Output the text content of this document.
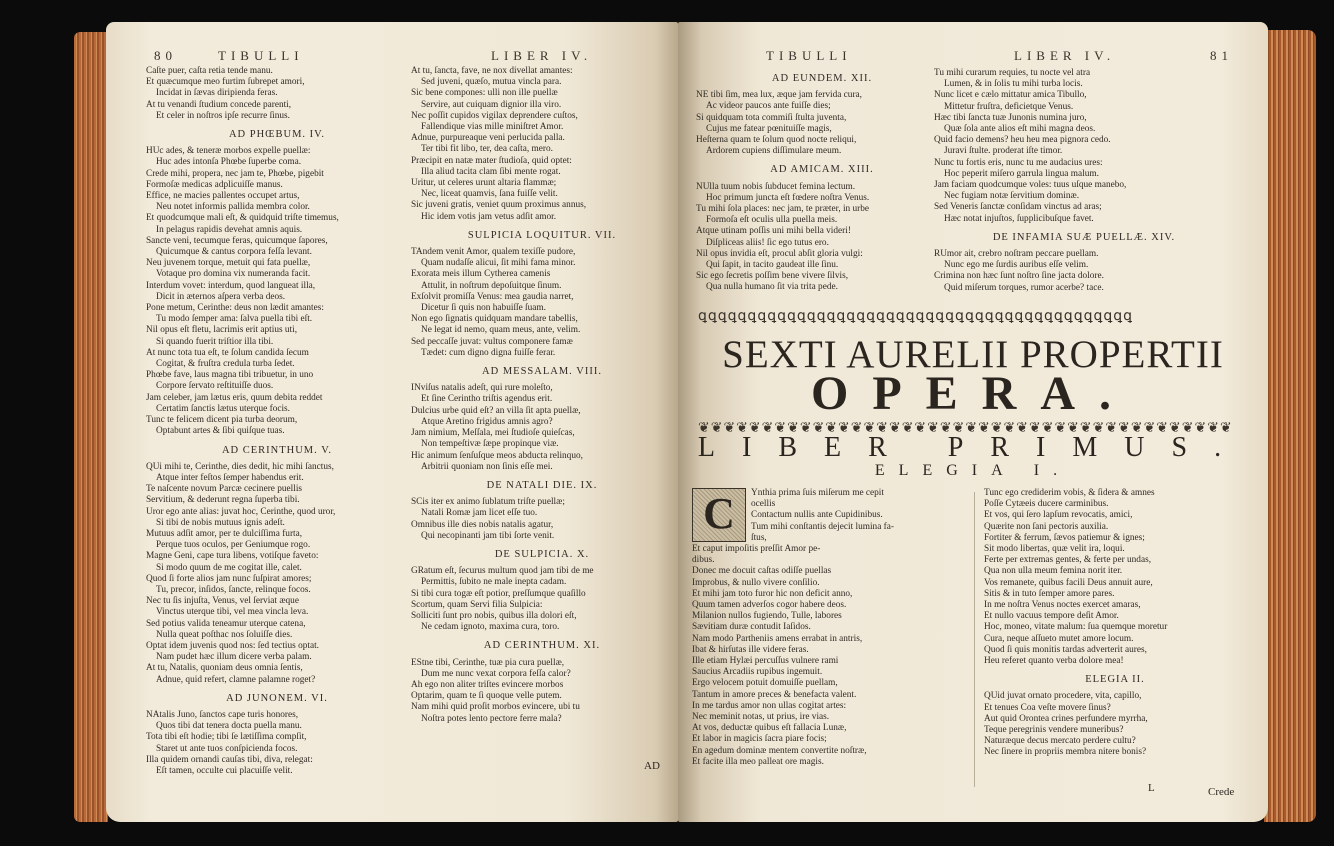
80	TIBULLI	LIBER IV.

Caſte puer, caſta retia tende manu.

Et quæcumque meo furtim ſubrepet amori,

Incidat in ſævas diripienda feras.

At tu venandi ſtudium concede parenti,

Et celer in noſtros ipſe recurre ſinus.

AD PHŒBUM. IV.

HUc ades, & teneræ morbos expelle puellæ:

Huc ades intonſa Phœbe ſuperbe coma.

Crede mihi, propera, nec jam te, Phœbe, pigebit

Formoſæ medicas adplicuiſſe manus.

Effice, ne macies pallentes occupet artus,

Neu notet informis pallida membra color.

Et quodcumque mali eſt, & quidquid triſte timemus,

In pelagus rapidis devehat amnis aquis.

Sancte veni, tecumque feras, quicumque ſapores,

Quicumque & cantus corpora feſſa levant.

Neu juvenem torque, metuit qui fata puellæ,

Votaque pro domina vix numeranda facit.

Interdum vovet: interdum, quod langueat illa,

Dicit in æternos aſpera verba deos.

Pone metum, Cerinthe: deus non lædit amantes:

Tu modo ſemper ama: ſalva puella tibi eſt.

Nil opus eſt fletu, lacrimis erit aptius uti,

Si quando fuerit triſtior illa tibi.

At nunc tota tua eſt, te ſolum candida ſecum

Cogitat, & fruſtra credula turba ſedet.

Phœbe fave, laus magna tibi tribuetur, in uno

Corpore ſervato reſtituiſſe duos.

Jam celeber, jam lætus eris, quum debita reddet

Certatim ſanctis lætus uterque focis.

Tunc te felicem dicent pia turba deorum,

Optabunt artes & ſibi quiſque tuas.

AD CERINTHUM. V.

QUi mihi te, Cerinthe, dies dedit, hic mihi ſanctus,

Atque inter feſtos ſemper habendus erit.

Te naſcente novum Parcæ cecinere puellis

Servitium, & dederunt regna ſuperba tibi.

Uror ego ante alias: juvat hoc, Cerinthe, quod uror,

Si tibi de nobis mutuus ignis adeſt.

Mutuus adſit amor, per te dulciſſima furta,

Perque tuos oculos, per Geniumque rogo.

Magne Geni, cape tura libens, votiſque faveto:

Si modo quum de me cogitat ille, calet.

Quod ſi forte alios jam nunc ſuſpirat amores;

Tu, precor, inſidos, ſancte, relinque focos.

Nec tu ſis injuſta, Venus, vel ſerviat æque

Vinctus uterque tibi, vel mea vincla leva.

Sed potius valida teneamur uterque catena,

Nulla queat poſthac nos ſoluiſſe dies.

Optat idem juvenis quod nos: ſed tectius optat.

Nam pudet hæc illum dicere verba palam.

At tu, Natalis, quoniam deus omnia ſentis,

Adnue, quid refert, clamne palamne roget?

AD JUNONEM. VI.

NAtalis Juno, ſanctos cape turis honores,

Quos tibi dat tenera docta puella manu.

Tota tibi eſt hodie; tibi ſe lætiſſima compſit,

Staret ut ante tuos conſpicienda focos.

Illa quidem ornandi cauſas tibi, diva, relegat:

Eſt tamen, occulte cui placuiſſe velit.

At tu, ſancta, fave, ne nox divellat amantes:

Sed juveni, quæſo, mutua vincla para.

Sic bene compones: ulli non ille puellæ

Servire, aut cuiquam dignior illa viro.

Nec poſſit cupidos vigilax deprendere cuſtos,

Fallendique vias mille miniſtret Amor.

Adnue, purpureaque veni perlucida palla.

Ter tibi fit libo, ter, dea caſta, mero.

Præcipit en natæ mater ſtudioſa, quid optet:

Illa aliud tacita clam ſibi mente rogat.

Uritur, ut celeres urunt altaria flammæ;

Nec, liceat quamvis, ſana fuiſſe velit.

Sic juveni gratis, veniet quum proximus annus,

Hic idem votis jam vetus adſit amor.

SULPICIA LOQUITUR. VII.

TAndem venit Amor, qualem texiſſe pudore,

Quam nudaſſe alicui, ſit mihi fama minor.

Exorata meis illum Cytherea camenis

Attulit, in noſtrum depoſuitque ſinum.

Exſolvit promiſſa Venus: mea gaudia narret,

Dicetur ſi quis non habuiſſe ſuam.

Non ego ſignatis quidquam mandare tabellis,

Ne legat id nemo, quam meus, ante, velim.

Sed peccaſſe juvat: vultus componere famæ

Tædet: cum digno digna fuiſſe ferar.

AD MESSALAM. VIII.

INviſus natalis adeſt, qui rure moleſto,

Et ſine Cerintho triſtis agendus erit.

Dulcius urbe quid eſt? an villa ſit apta puellæ,

Atque Aretino frigidus amnis agro?

Jam nimium, Meſſala, mei ſtudioſe quieſcas,

Non tempeſtivæ ſæpe propinque viæ.

Hic animum ſenſuſque meos abducta relinquo,

Arbitrii quoniam non ſinis eſſe mei.

DE NATALI DIE. IX.

SCis iter ex animo ſublatum triſte puellæ;

Natali Romæ jam licet eſſe tuo.

Omnibus ille dies nobis natalis agatur,

Qui necopinanti jam tibi ſorte venit.

DE SULPICIA. X.

GRatum eſt, ſecurus multum quod jam tibi de me

Permittis, ſubito ne male inepta cadam.

Si tibi cura togæ eſt potior, preſſumque quaſillo

Scortum, quam Servi filia Sulpicia:

Solliciti ſunt pro nobis, quibus illa dolori eſt,

Ne cedam ignoto, maxima cura, toro.

AD CERINTHUM. XI.

EStne tibi, Cerinthe, tuæ pia cura puellæ,

Dum me nunc vexat corpora feſſa calor?

Ah ego non aliter triſtes evincere morbos

Optarim, quam te ſi quoque velle putem.

Nam mihi quid proſit morbos evincere, ubi tu

Noſtra potes lento pectore ferre mala?

AD
TIBULLI	LIBER IV.	81
AD EUNDEM. XII.

NE tibi ſim, mea lux, æque jam fervida cura,

Ac videor paucos ante fuiſſe dies;

Si quidquam tota commiſi ſtulta juventa,

Cujus me fatear pœnituiſſe magis,

Heſterna quam te ſolum quod nocte reliqui,

Ardorem cupiens diſſimulare meum.

AD AMICAM. XIII.

NUlla tuum nobis ſubducet femina lectum.

Hoc primum juncta eſt fœdere noſtra Venus.

Tu mihi ſola places: nec jam, te præter, in urbe

Formoſa eſt oculis ulla puella meis.

Atque utinam poſſis uni mihi bella videri!

Diſpliceas aliis! ſic ego tutus ero.

Nil opus invidia eſt, procul abſit gloria vulgi:

Qui ſapit, in tacito gaudeat ille ſinu.

Sic ego ſecretis poſſim bene vivere ſilvis,

Qua nulla humano ſit via trita pede.

Tu mihi curarum requies, tu nocte vel atra

Lumen, & in ſolis tu mihi turba locis.

Nunc licet e cælo mittatur amica Tibullo,

Mittetur fruſtra, deficietque Venus.

Hæc tibi ſancta tuæ Junonis numina juro,

Quæ ſola ante alios eſt mihi magna deos.

Quid facio demens? heu heu mea pignora cedo.

Juravi ſtulte. proderat iſte timor.

Nunc tu fortis eris, nunc tu me audacius ures:

Hoc peperit miſero garrula lingua malum.

Jam faciam quodcumque voles: tuus uſque manebo,

Nec fugiam notæ ſervitium dominæ.

Sed Veneris ſanctæ conſidam vinctus ad aras;

Hæc notat injuſtos, ſupplicibuſque favet.

DE INFAMIA SUÆ PUELLÆ. XIV.

RUmor ait, crebro noſtram peccare puellam.

Nunc ego me ſurdis auribus eſſe velim.

Crimina non hæc ſunt noſtro ſine jacta dolore.

Quid miſerum torques, rumor acerbe? tace.

ꝗꝗꝗꝗꝗꝗꝗꝗꝗꝗꝗꝗꝗꝗꝗꝗꝗꝗꝗꝗꝗꝗꝗꝗꝗꝗꝗꝗꝗꝗꝗꝗꝗꝗꝗꝗꝗꝗꝗꝗꝗꝗꝗꝗ
SEXTI AURELII PROPERTII
OPERA.
❦❦❦❦❦❦❦❦❦❦❦❦❦❦❦❦❦❦❦❦❦❦❦❦❦❦❦❦❦❦❦❦❦❦❦❦❦❦❦❦❦❦
LIBER PRIMUS.
ELEGIA I.
C	Ynthia prima ſuis miſerum me cepit

ocellis

Contactum nullis ante Cupidinibus.

Tum mihi conſtantis dejecit lumina fa-

ſtus,

Et caput impoſitis preſſit Amor pe-

dibus.

Donec me docuit caſtas odiſſe puellas

Improbus, & nullo vivere conſilio.

Et mihi jam toto furor hic non deficit anno,

Quum tamen adverſos cogor habere deos.

Milanion nullos fugiendo, Tulle, labores

Sævitiam duræ contudit Iaſidos.

Nam modo Partheniis amens errabat in antris,

Ibat & hirſutas ille videre feras.

Ille etiam Hylæi percuſſus vulnere rami

Saucius Arcadiis rupibus ingemuit.

Ergo velocem potuit domuiſſe puellam,

Tantum in amore preces & benefacta valent.

In me tardus amor non ullas cogitat artes:

Nec meminit notas, ut prius, ire vias.

At vos, deductæ quibus eſt fallacia Lunæ,

Et labor in magicis ſacra piare focis;

En agedum dominæ mentem convertite noſtræ,

Et facite illa meo palleat ore magis.

Tunc ego crediderim vobis, & ſidera & amnes

Poſſe Cytæeis ducere carminibus.

Et vos, qui ſero lapſum revocatis, amici,

Quærite non ſani pectoris auxilia.

Fortiter & ferrum, ſævos patiemur & ignes;

Sit modo libertas, quæ velit ira, loqui.

Ferte per extremas gentes, & ferte per undas,

Qua non ulla meum femina norit iter.

Vos remanete, quibus facili Deus annuit aure,

Sitis & in tuto ſemper amore pares.

In me noſtra Venus noctes exercet amaras,

Et nullo vacuus tempore deſit Amor.

Hoc, moneo, vitate malum: ſua quemque moretur

Cura, neque aſſueto mutet amore locum.

Quod ſi quis monitis tardas adverterit aures,

Heu referet quanto verba dolore mea!

ELEGIA II.

QUid juvat ornato procedere, vita, capillo,

Et tenues Coa veſte movere ſinus?

Aut quid Orontea crines perfundere myrrha,

Teque peregrinis vendere muneribus?

Naturæque decus mercato perdere cultu?

Nec ſinere in propriis membra nitere bonis?

L	Crede
